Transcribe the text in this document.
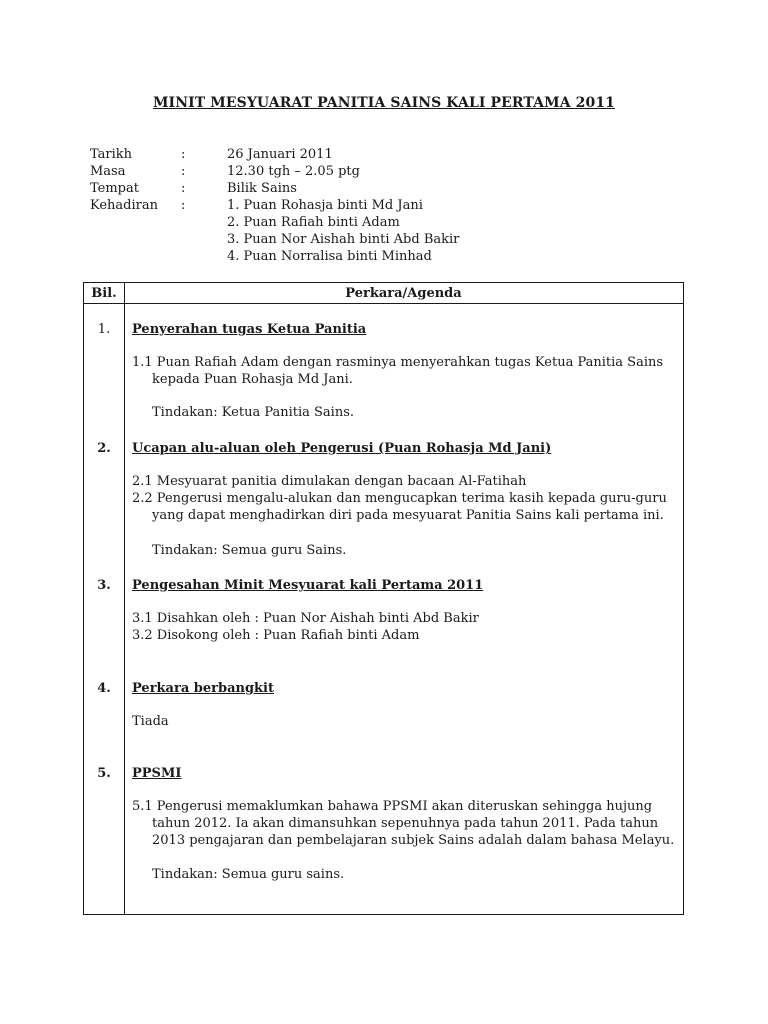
MINIT MESYUARAT PANITIA SAINS KALI PERTAMA 2011
Tarikh	:	26 Januari 2011
Masa	:	12.30 tgh – 2.05 ptg
Tempat	:	Bilik Sains
Kehadiran :	1. Puan Rohasja binti Md Jani
2. Puan Rafiah binti Adam
3. Puan Nor Aishah binti Abd Bakir
4. Puan Norralisa binti Minhad
Bil.	Perkara/Agenda
1.	Penyerahan tugas Ketua Panitia
1.1 Puan Rafiah Adam dengan rasminya menyerahkan tugas Ketua Panitia Sains
kepada Puan Rohasja Md Jani.
Tindakan: Ketua Panitia Sains.
2.	Ucapan alu-aluan oleh Pengerusi (Puan Rohasja Md Jani)
2.1 Mesyuarat panitia dimulakan dengan bacaan Al-Fatihah
2.2 Pengerusi mengalu-alukan dan mengucapkan terima kasih kepada guru-guru
yang dapat menghadirkan diri pada mesyuarat Panitia Sains kali pertama ini.
Tindakan: Semua guru Sains.
3.	Pengesahan Minit Mesyuarat kali Pertama 2011
3.1 Disahkan oleh : Puan Nor Aishah binti Abd Bakir
3.2 Disokong oleh : Puan Rafiah binti Adam
4.	Perkara berbangkit
Tiada
5.	PPSMI
5.1 Pengerusi memaklumkan bahawa PPSMI akan diteruskan sehingga hujung
tahun 2012. Ia akan dimansuhkan sepenuhnya pada tahun 2011. Pada tahun
2013 pengajaran dan pembelajaran subjek Sains adalah dalam bahasa Melayu.
Tindakan: Semua guru sains.
